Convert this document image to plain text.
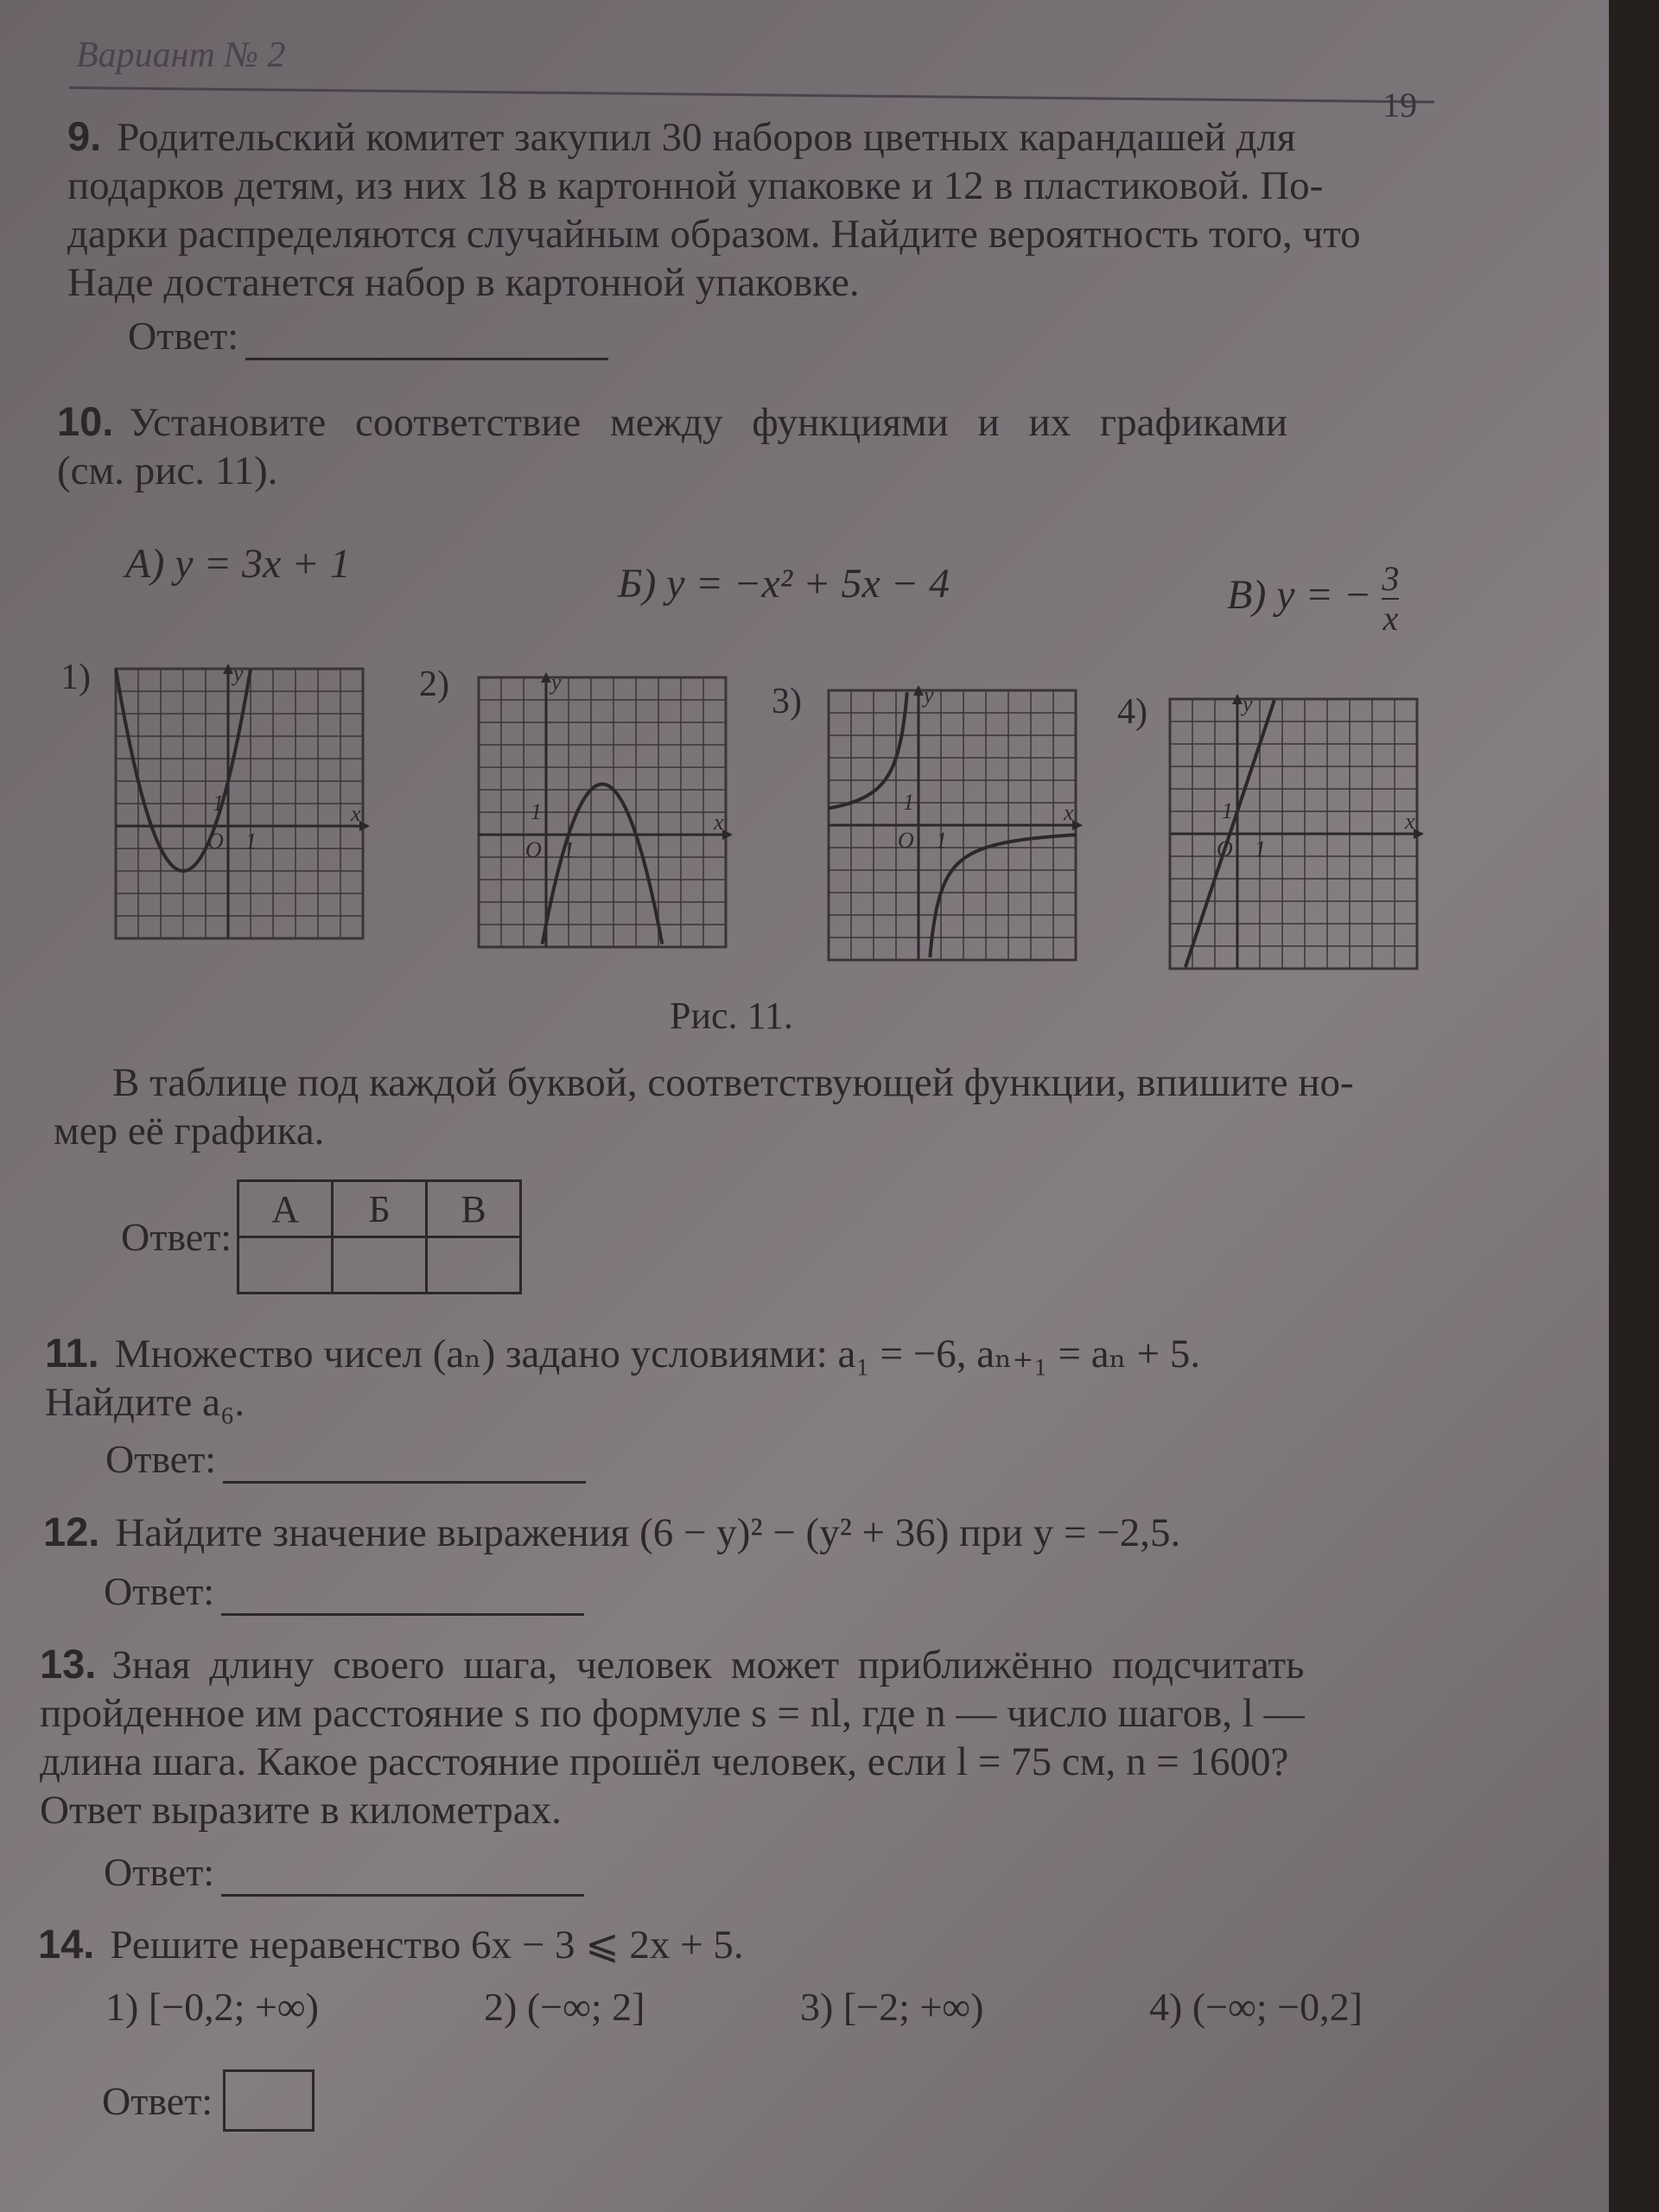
Вариант № 2
19
9. Родительский комитет закупил 30 наборов цветных карандашей для
подарков детям, из них 18 в картонной упаковке и 12 в пластиковой. По-
дарки распределяются случайным образом. Найдите вероятность того, что
Наде достанется набор в картонной упаковке.
Ответ:
10. Установите соответствие между функциями и их графиками
(см. рис. 11).
А) y = 3x + 1	Б) y = −x² + 5x − 4	В) y = − $\frac{3}{x}$
1)	2)	3)	4)
x
y
O 1
1
x
y
O 1
1	x
y
O 1
1
x
y
O 1
1
Рис. 11.
В таблице под каждой буквой, соответствующей функции, впишите но-
мер её графика.
Ответ:
А	Б	В

11. Множество чисел (aₙ) задано условиями: a₁ = −6, aₙ₊₁ = aₙ + 5.
Найдите a₆.
Ответ:
12. Найдите значение выражения (6 − y)² − (y² + 36) при y = −2,5.
Ответ:
13. Зная длину своего шага, человек может приближённо подсчитать
пройденное им расстояние s по формуле s = nl, где n — число шагов, l —
длина шага. Какое расстояние прошёл человек, если l = 75 см, n = 1600?
Ответ выразите в километрах.
Ответ:
14. Решите неравенство 6x − 3 ⩽ 2x + 5.
1) [−0,2; +∞)	2) (−∞; 2]	3) [−2; +∞)	4) (−∞; −0,2]
Ответ:
